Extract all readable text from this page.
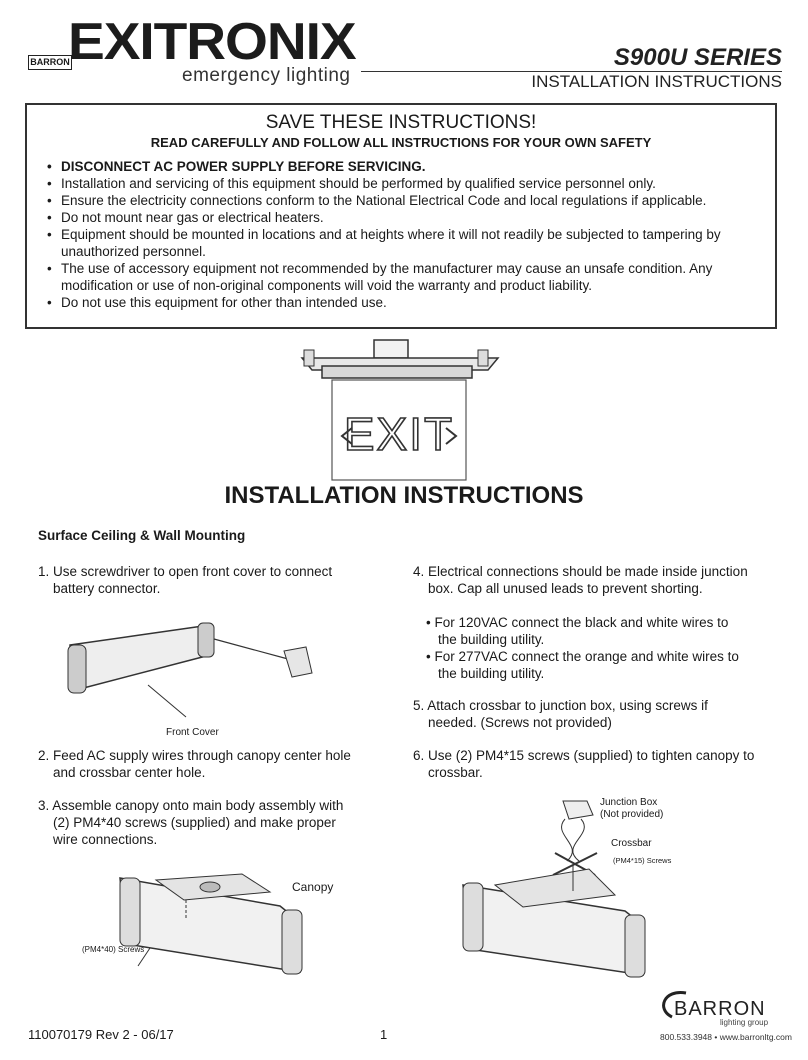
BARRON
EXITRONIX
emergency lighting
S900U SERIES
INSTALLATION INSTRUCTIONS
SAVE THESE INSTRUCTIONS!
READ CAREFULLY AND FOLLOW ALL INSTRUCTIONS FOR YOUR OWN SAFETY
• DISCONNECT AC POWER SUPPLY BEFORE SERVICING.
• Installation and servicing of this equipment should be performed by qualified service personnel only.
• Ensure the electricity connections conform to the National Electrical Code and local regulations if applicable.
• Do not mount near gas or electrical heaters.
• Equipment should be mounted in locations and at heights where it will not readily be subjected to tampering by unauthorized personnel.
• The use of accessory equipment not recommended by the manufacturer may cause an unsafe condition. Any modification or use of non-original components will void the warranty and product liability.
• Do not use this equipment for other than intended use.
EXIT
INSTALLATION INSTRUCTIONS
Surface Ceiling & Wall Mounting
1. Use screwdriver to open front cover to connect
battery connector.
Front Cover
2. Feed AC supply wires through canopy center hole
and crossbar center hole.
3. Assemble canopy onto main body assembly with
(2) PM4*40 screws (supplied) and make proper
wire connections.
Canopy
(PM4*40) Screws
4. Electrical connections should be made inside junction
box. Cap all unused leads to prevent shorting.
• For 120VAC connect the black and white wires to
the building utility.
• For 277VAC connect the orange and white wires to
the building utility.
5. Attach crossbar to junction box, using screws if
needed. (Screws not provided)
6. Use (2) PM4*15 screws (supplied) to tighten canopy to
crossbar.
Junction Box
(Not provided)
Crossbar
(PM4*15) Screws
110070179 Rev 2 - 06/17	1
BARRON
lighting group
800.533.3948 • www.barronltg.com
